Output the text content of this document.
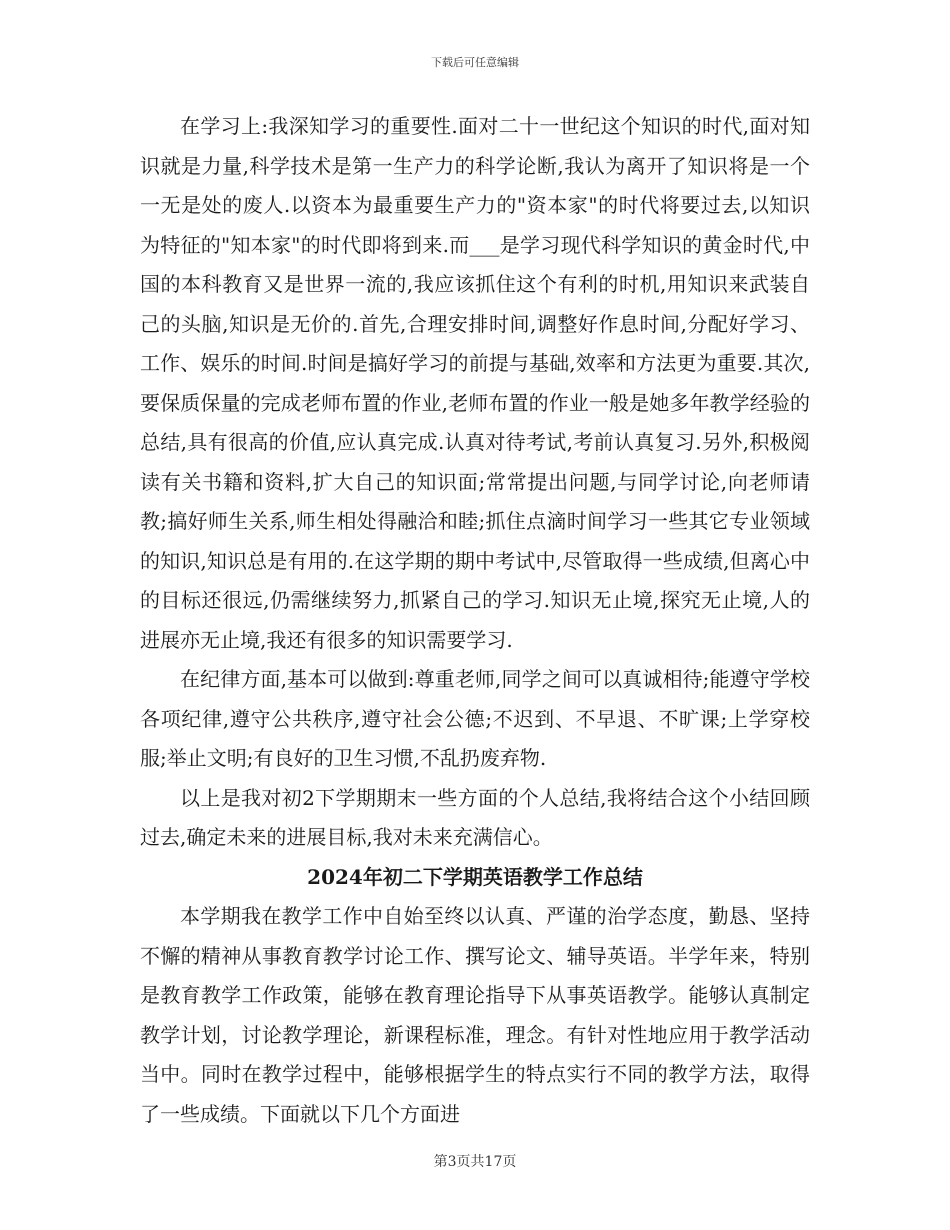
下载后可任意编辑

在学习上:我深知学习的重要性.面对二十一世纪这个知识的时代,面对知识就是力量,科学技术是第一生产力的科学论断,我认为离开了知识将是一个一无是处的废人.以资本为最重要生产力的"资本家"的时代将要过去,以知识为特征的"知本家"的时代即将到来.而___是学习现代科学知识的黄金时代,中国的本科教育又是世界一流的,我应该抓住这个有利的时机,用知识来武装自己的头脑,知识是无价的.首先,合理安排时间,调整好作息时间,分配好学习、工作、娱乐的时间.时间是搞好学习的前提与基础,效率和方法更为重要.其次,要保质保量的完成老师布置的作业,老师布置的作业一般是她多年教学经验的总结,具有很高的价值,应认真完成.认真对待考试,考前认真复习.另外,积极阅读有关书籍和资料,扩大自己的知识面;常常提出问题,与同学讨论,向老师请教;搞好师生关系,师生相处得融洽和睦;抓住点滴时间学习一些其它专业领域的知识,知识总是有用的.在这学期的期中考试中,尽管取得一些成绩,但离心中的目标还很远,仍需继续努力,抓紧自己的学习.知识无止境,探究无止境,人的进展亦无止境,我还有很多的知识需要学习.

在纪律方面,基本可以做到:尊重老师,同学之间可以真诚相待;能遵守学校各项纪律,遵守公共秩序,遵守社会公德;不迟到、不早退、不旷课;上学穿校服;举止文明;有良好的卫生习惯,不乱扔废弃物.

以上是我对初2下学期期末一些方面的个人总结,我将结合这个小结回顾过去,确定未来的进展目标,我对未来充满信心。

2024年初二下学期英语教学工作总结

本学期我在教学工作中自始至终以认真、严谨的治学态度，勤恳、坚持不懈的精神从事教育教学讨论工作、撰写论文、辅导英语。半学年来，特别是教育教学工作政策，能够在教育理论指导下从事英语教学。能够认真制定教学计划，讨论教学理论，新课程标准，理念。有针对性地应用于教学活动当中。同时在教学过程中，能够根据学生的特点实行不同的教学方法，取得了一些成绩。下面就以下几个方面进

第3页共17页
